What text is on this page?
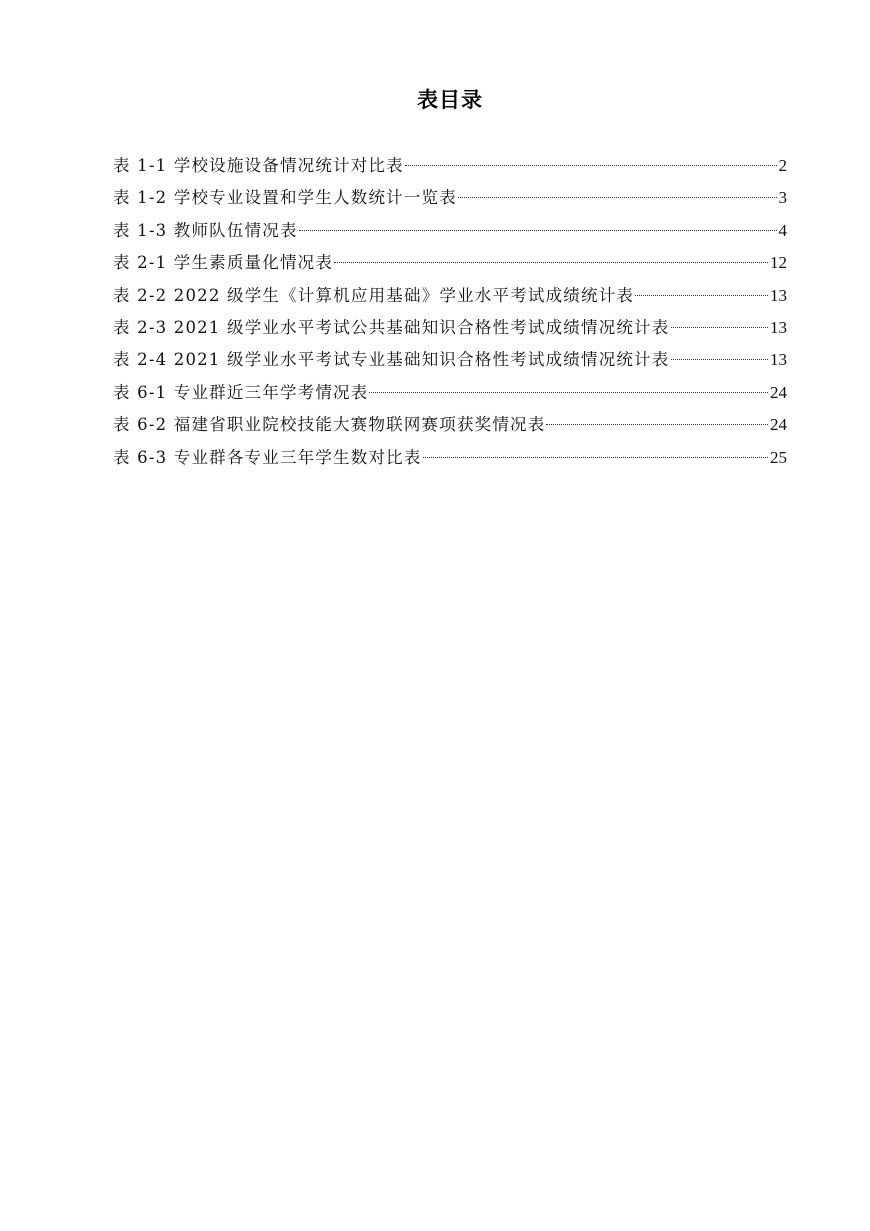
表目录
表 1-1 学校设施设备情况统计对比表	2
表 1-2 学校专业设置和学生人数统计一览表	3
表 1-3 教师队伍情况表	4
表 2-1 学生素质量化情况表	12
表 2-2 2022 级学生《计算机应用基础》学业水平考试成绩统计表	13
表 2-3 2021 级学业水平考试公共基础知识合格性考试成绩情况统计表	13
表 2-4 2021 级学业水平考试专业基础知识合格性考试成绩情况统计表	13
表 6-1 专业群近三年学考情况表	24
表 6-2 福建省职业院校技能大赛物联网赛项获奖情况表	24
表 6-3 专业群各专业三年学生数对比表	25
